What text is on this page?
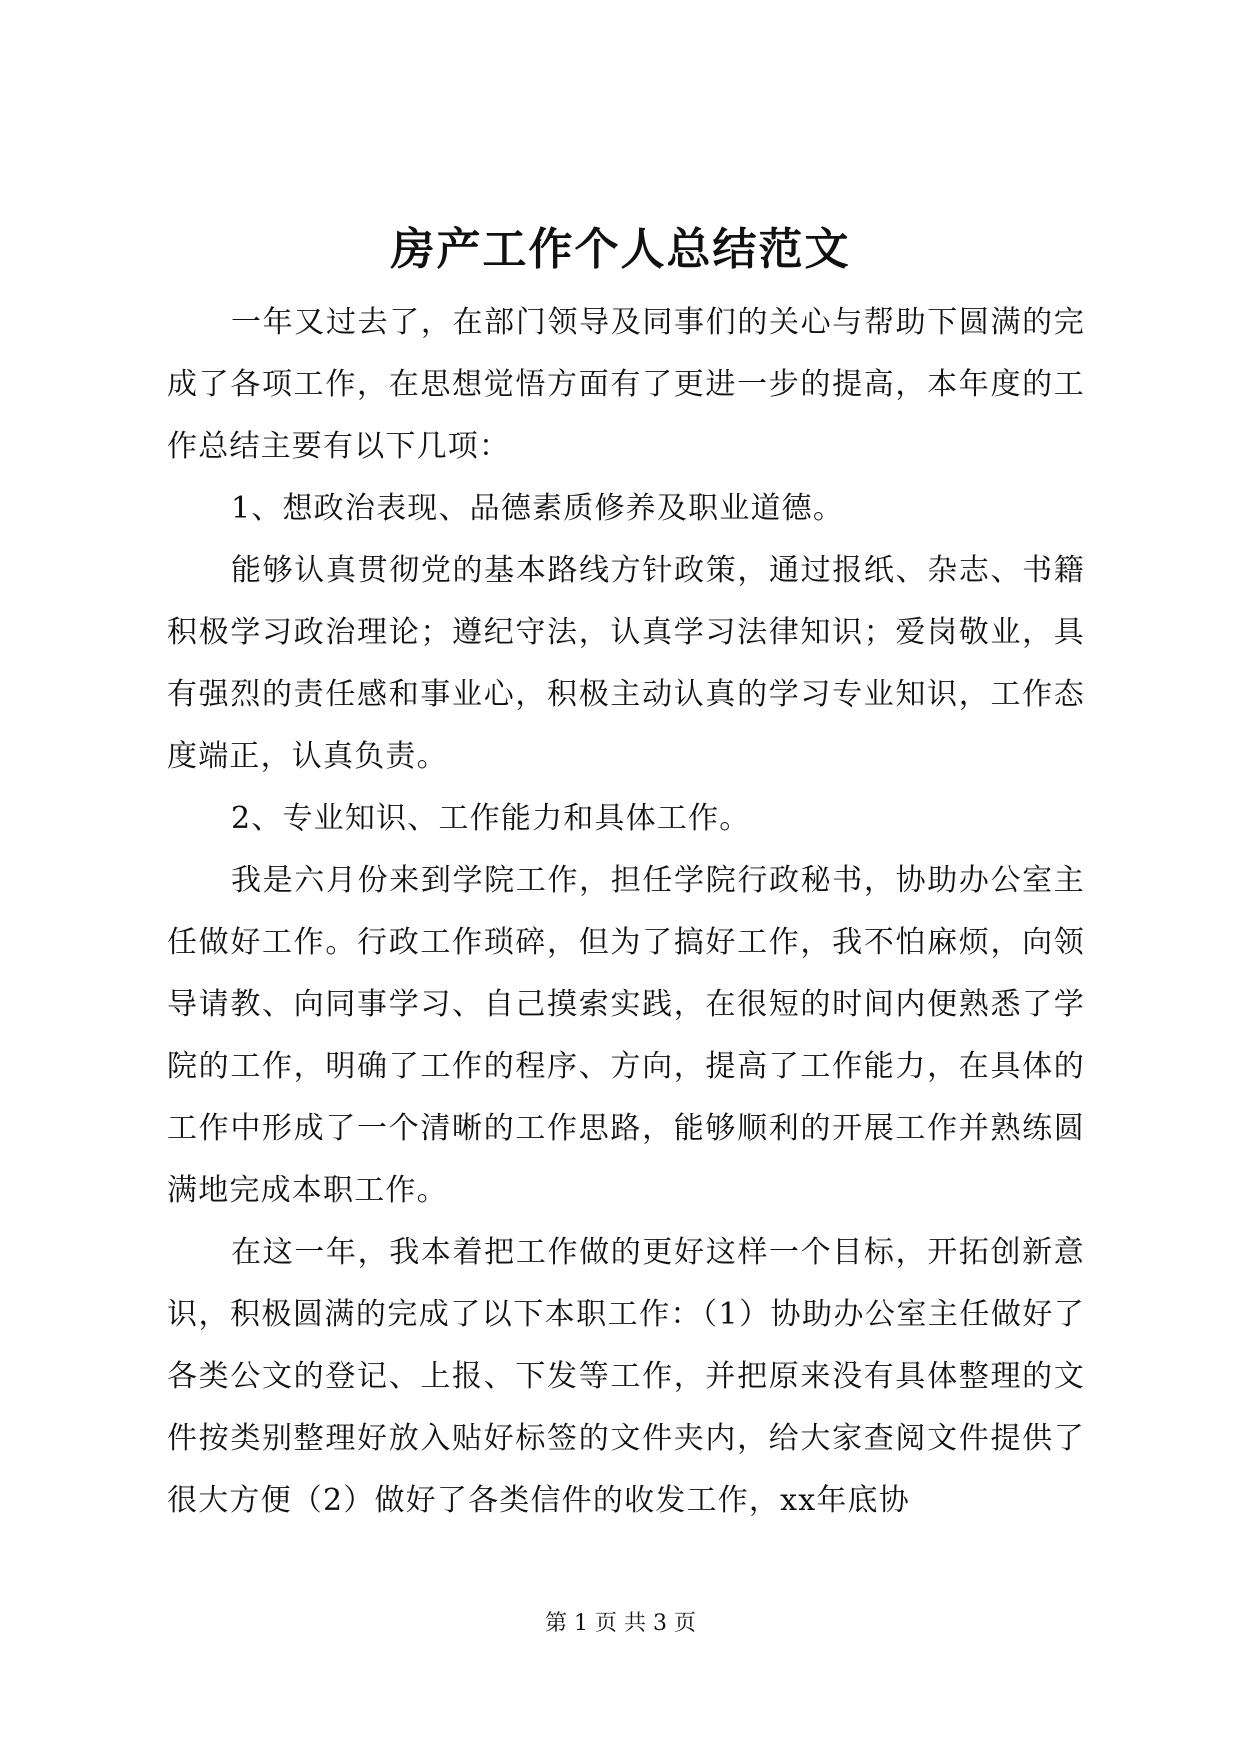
房产工作个人总结范文

一年又过去了，在部门领导及同事们的关心与帮助下圆满的完成了各项工作，在思想觉悟方面有了更进一步的提高，本年度的工作总结主要有以下几项：

1、想政治表现、品德素质修养及职业道德。

能够认真贯彻党的基本路线方针政策，通过报纸、杂志、书籍积极学习政治理论；遵纪守法，认真学习法律知识；爱岗敬业，具有强烈的责任感和事业心，积极主动认真的学习专业知识，工作态度端正，认真负责。

2、专业知识、工作能力和具体工作。

我是六月份来到学院工作，担任学院行政秘书，协助办公室主任做好工作。行政工作琐碎，但为了搞好工作，我不怕麻烦，向领导请教、向同事学习、自己摸索实践，在很短的时间内便熟悉了学院的工作，明确了工作的程序、方向，提高了工作能力，在具体的工作中形成了一个清晰的工作思路，能够顺利的开展工作并熟练圆满地完成本职工作。

在这一年，我本着把工作做的更好这样一个目标，开拓创新意识，积极圆满的完成了以下本职工作：（1）协助办公室主任做好了各类公文的登记、上报、下发等工作，并把原来没有具体整理的文件按类别整理好放入贴好标签的文件夹内，给大家查阅文件提供了很大方便（2）做好了各类信件的收发工作，xx年底协

第 1 页 共 3 页
